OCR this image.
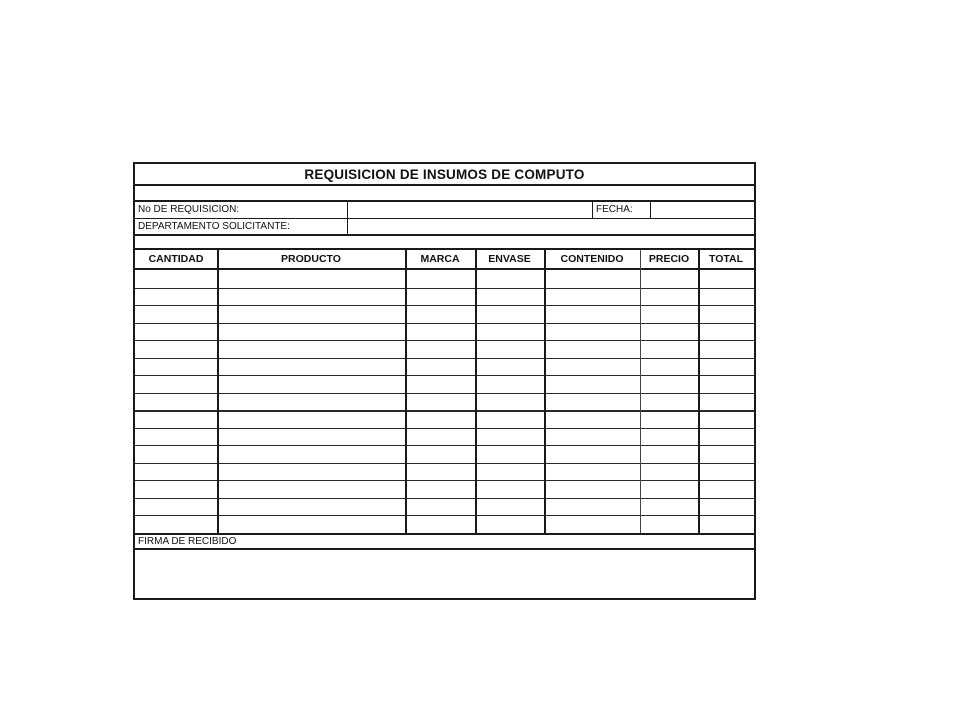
REQUISICION DE INSUMOS DE COMPUTO
No DE REQUISICION:	FECHA:
DEPARTAMENTO SOLICITANTE:
CANTIDAD	PRODUCTO	MARCA	ENVASE	CONTENIDO	PRECIO	TOTAL
FIRMA DE RECIBIDO
